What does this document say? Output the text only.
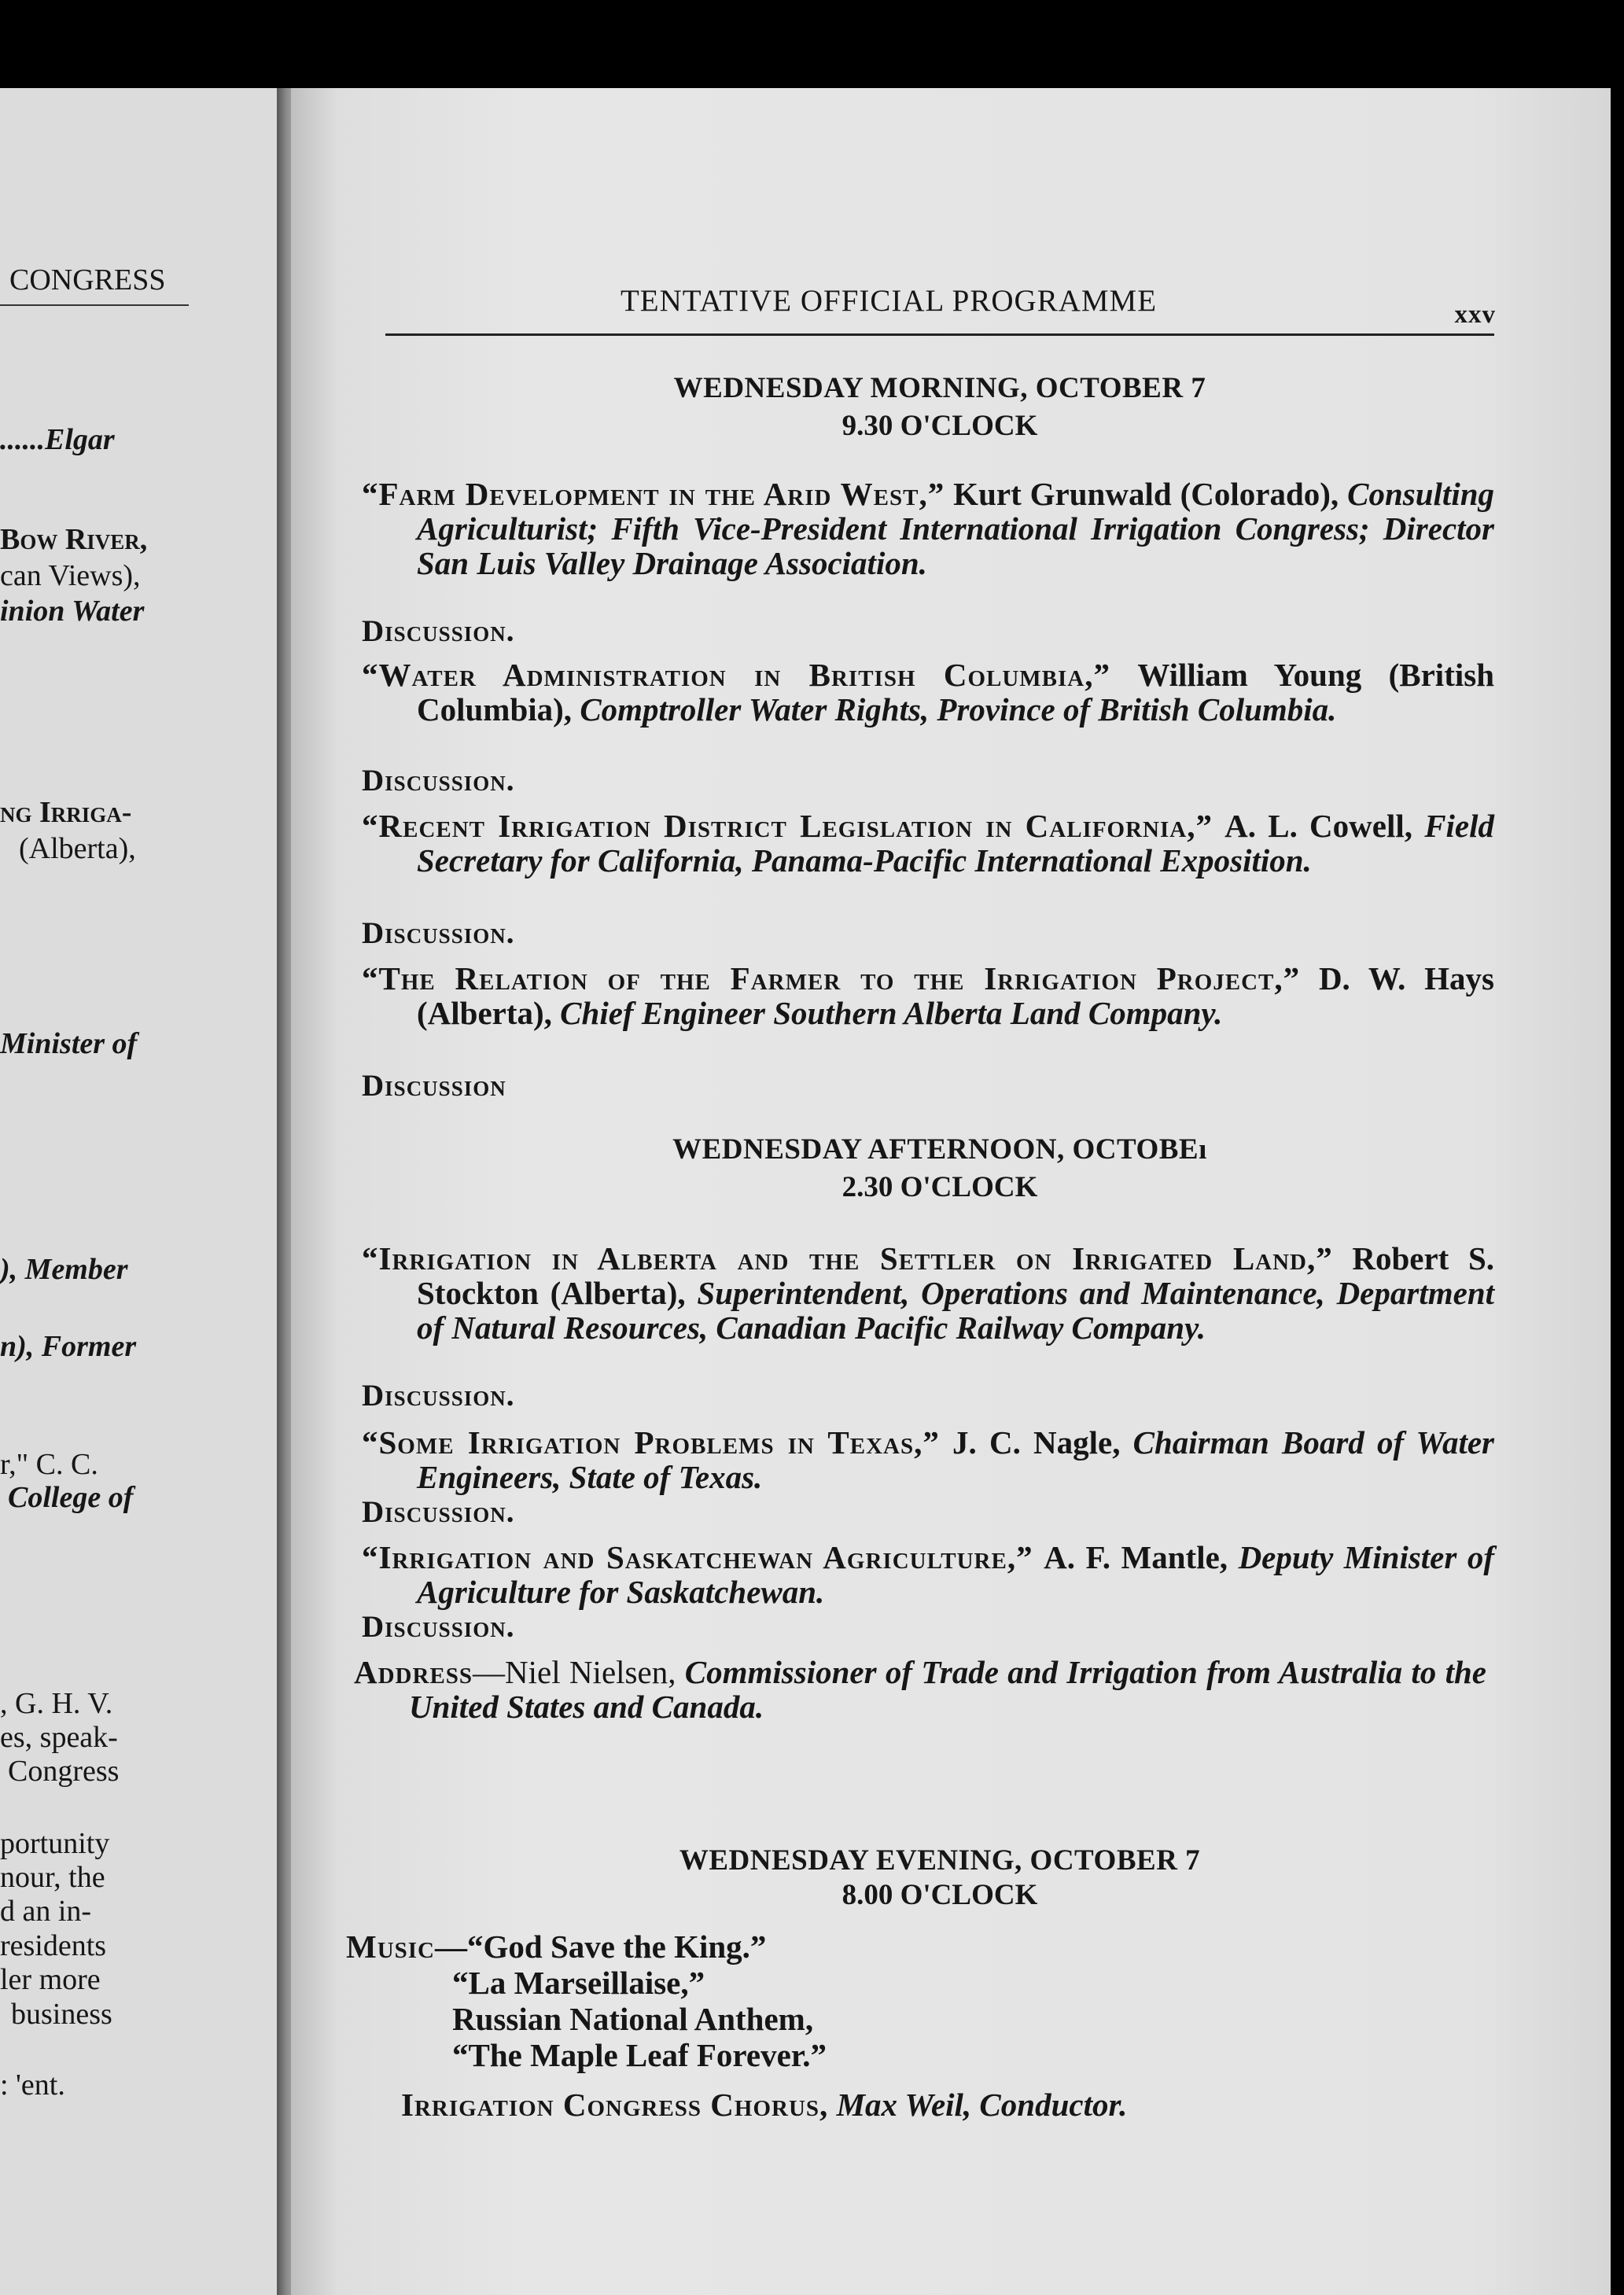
CONGRESS
......Elgar
Bow River,
can Views),
inion Water
ng Irriga-
(Alberta),
Minister of
), Member
n), Former
r," C. C.
College of
, G. H. V.
es, speak-
Congress
portunity
nour, the
d an in-
residents
ler more
business
: 'ent.
TENTATIVE OFFICIAL PROGRAMME	xxv
WEDNESDAY MORNING, OCTOBER 7
9.30 O'CLOCK
“Farm Development in the Arid West,” Kurt Grunwald (Colorado), Consulting Agriculturist; Fifth Vice-President International Irrigation Congress; Director San Luis Valley Drainage Association.
Discussion.
“Water Administration in British Columbia,” William Young (British Columbia), Comptroller Water Rights, Province of British Columbia.
Discussion.
“Recent Irrigation District Legislation in California,” A. L. Cowell, Field Secretary for California, Panama-Pacific International Exposition.
Discussion.
“The Relation of the Farmer to the Irrigation Project,” D. W. Hays (Alberta), Chief Engineer Southern Alberta Land Company.
Discussion
WEDNESDAY AFTERNOON, OCTOBEı
2.30 O'CLOCK
“Irrigation in Alberta and the Settler on Irrigated Land,” Robert S. Stockton (Alberta), Superintendent, Operations and Maintenance, Department of Natural Resources, Canadian Pacific Railway Company.
Discussion.
“Some Irrigation Problems in Texas,” J. C. Nagle, Chairman Board of Water Engineers, State of Texas.
Discussion.
“Irrigation and Saskatchewan Agriculture,” A. F. Mantle, Deputy Minister of Agriculture for Saskatchewan.
Discussion.
Address—Niel Nielsen, Commissioner of Trade and Irrigation from Australia to the United States and Canada.
WEDNESDAY EVENING, OCTOBER 7
8.00 O'CLOCK
Music—“God Save the King.”
“La Marseillaise,”
Russian National Anthem,
“The Maple Leaf Forever.”
Irrigation Congress Chorus, Max Weil, Conductor.
